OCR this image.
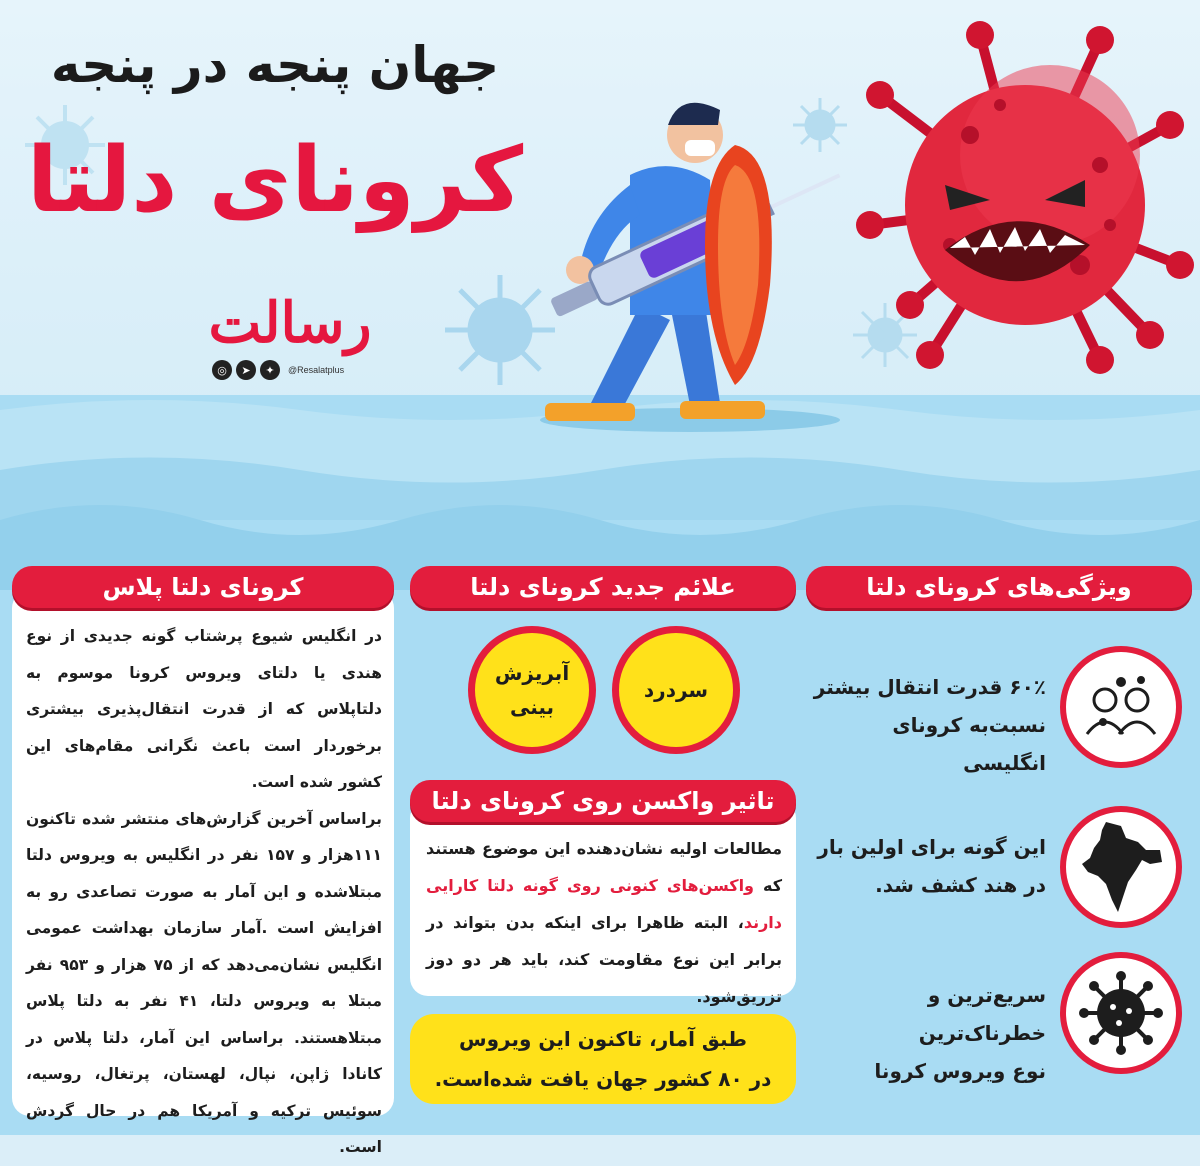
جهان پنجه در پنجه
کرونای دلتا
رسالت
◎	➤	✦	@Resalatplus
کرونای دلتا پلاس

در انگلیس شیوع پرشتاب گونه جدیدی از نوع هندی یا دلتای ویروس کرونا موسوم به دلتاپلاس که از قدرت انتقال‌پذیری بیشتری برخوردار است باعث نگرانی مقام‌های این کشور شده است.

براساس آخرین گزارش‌های منتشر شده تاکنون ۱۱۱هزار و ۱۵۷ نفر در انگلیس به ویروس دلتا مبتلاشده و این آمار به صورت تصاعدی رو به افزایش است .آمار سازمان بهداشت عمومی انگلیس نشان‌می‌دهد که از ۷۵ هزار و ۹۵۳ نفر مبتلا به ویروس دلتا، ۴۱ نفر به دلتا پلاس مبتلاهستند. براساس این آمار، دلتا پلاس در کانادا ژاپن، نپال، لهستان، پرتغال، روسیه، سوئیس ترکیه و آمریکا هم در حال گردش است.

علائم جدید کرونای دلتا
سردرد
آبریزش بینی
تاثیر واکسن روی کرونای دلتا
مطالعات اولیه نشان‌دهنده این موضوع هستند که واکسن‌های کنونی روی گونه دلتا کارایی دارند، البته ظاهرا برای اینکه بدن بتواند در برابر این نوع مقاومت کند، باید هر دو دوز تزریق‌شود.
طبق آمار، تاکنون این ویروس
در ۸۰ کشور جهان یافت شده‌است.
ویژگی‌های کرونای دلتا
۶۰٪ قدرت انتقال بیشتر
نسبت‌به کرونای انگلیسی
این گونه برای اولین بار
در هند کشف شد.
سریع‌ترین و خطرناک‌ترین
نوع ویروس کرونا
